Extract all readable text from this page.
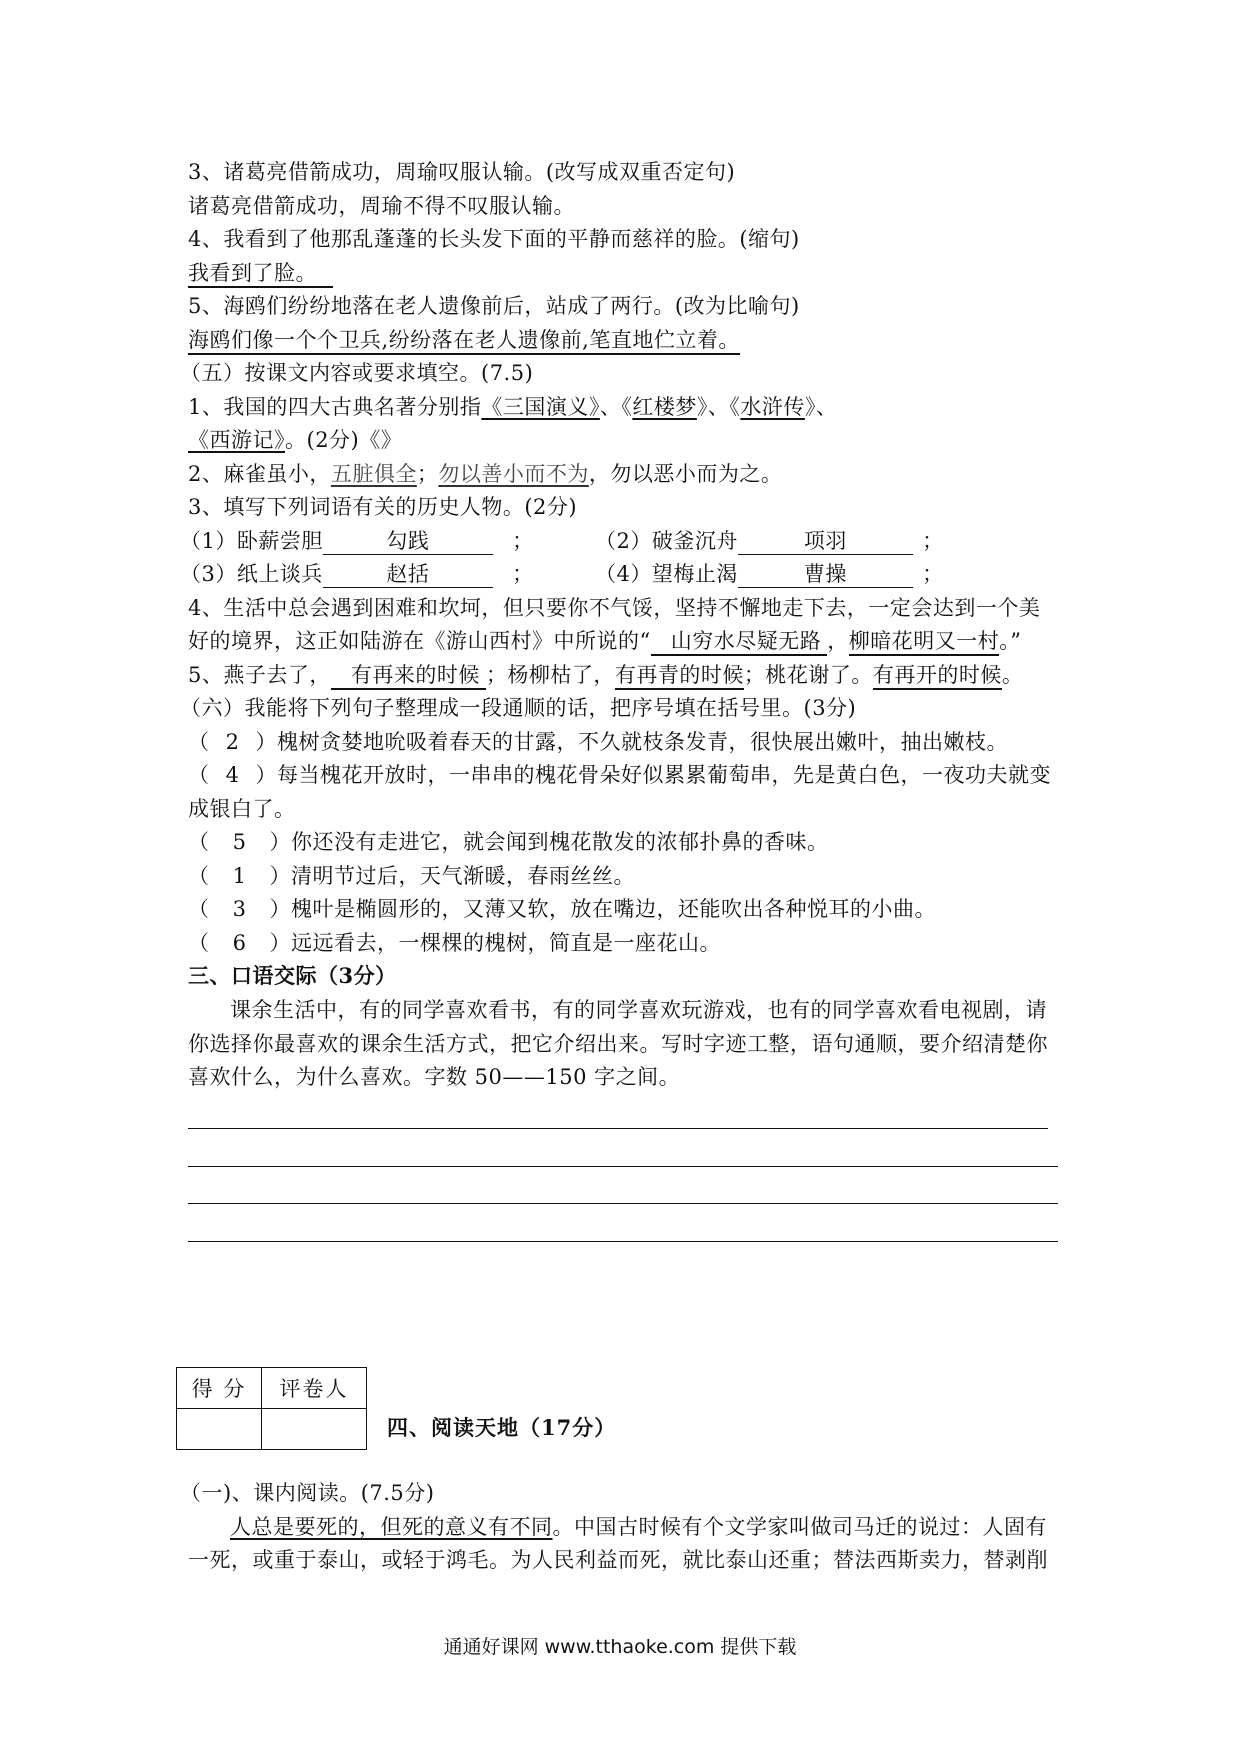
3、诸葛亮借箭成功，周瑜叹服认输。(改写成双重否定句)
诸葛亮借箭成功，周瑜不得不叹服认输。
4、我看到了他那乱蓬蓬的长头发下面的平静而慈祥的脸。(缩句)
我看到了脸。
5、海鸥们纷纷地落在老人遗像前后，站成了两行。(改为比喻句)
海鸥们像一个个卫兵,纷纷落在老人遗像前,笔直地伫立着。
（五）按课文内容或要求填空。(7.5)
1、我国的四大古典名著分别指《三国演义》、《红楼梦》、《水浒传》、
《西游记》。(2分)《》
2、麻雀虽小，五脏俱全；勿以善小而不为，勿以恶小而为之。
3、填写下列词语有关的历史人物。(2分)
（1）卧薪尝胆	勾践	；	（2）破釜沉舟	项羽	；
（3）纸上谈兵	赵括	；	（4）望梅止渴	曹操	；
4、生活中总会遇到困难和坎坷，但只要你不气馁，坚持不懈地走下去，一定会达到一个美
好的境界，这正如陆游在《游山西村》中所说的“ 山穷水尽疑无路 ，柳暗花明又一村。”
5、燕子去了， 有再来的时候 ；杨柳枯了，有再青的时候；桃花谢了。有再开的时候。
（六）我能将下列句子整理成一段通顺的话，把序号填在括号里。(3分)
（ 2 ）槐树贪婪地吮吸着春天的甘露，不久就枝条发青，很快展出嫩叶，抽出嫩枝。
（ 4 ）每当槐花开放时，一串串的槐花骨朵好似累累葡萄串，先是黄白色，一夜功夫就变
成银白了。
（ 5 ）你还没有走进它，就会闻到槐花散发的浓郁扑鼻的香味。
（ 1 ）清明节过后，天气渐暖，春雨丝丝。
（ 3 ）槐叶是椭圆形的，又薄又软，放在嘴边，还能吹出各种悦耳的小曲。
（ 6 ）远远看去，一棵棵的槐树，简直是一座花山。
三、口语交际（3分）
课余生活中，有的同学喜欢看书，有的同学喜欢玩游戏，也有的同学喜欢看电视剧，请
你选择你最喜欢的课余生活方式，把它介绍出来。写时字迹工整，语句通顺，要介绍清楚你
喜欢什么，为什么喜欢。字数 50——150 字之间。
得 分	评卷人	四、阅读天地（17分）

（一)、课内阅读。(7.5分)
人总是要死的，但死的意义有不同。中国古时候有个文学家叫做司马迁的说过：人固有
一死，或重于泰山，或轻于鸿毛。为人民利益而死，就比泰山还重；替法西斯卖力，替剥削
通通好课网 www.tthaoke.com 提供下载
